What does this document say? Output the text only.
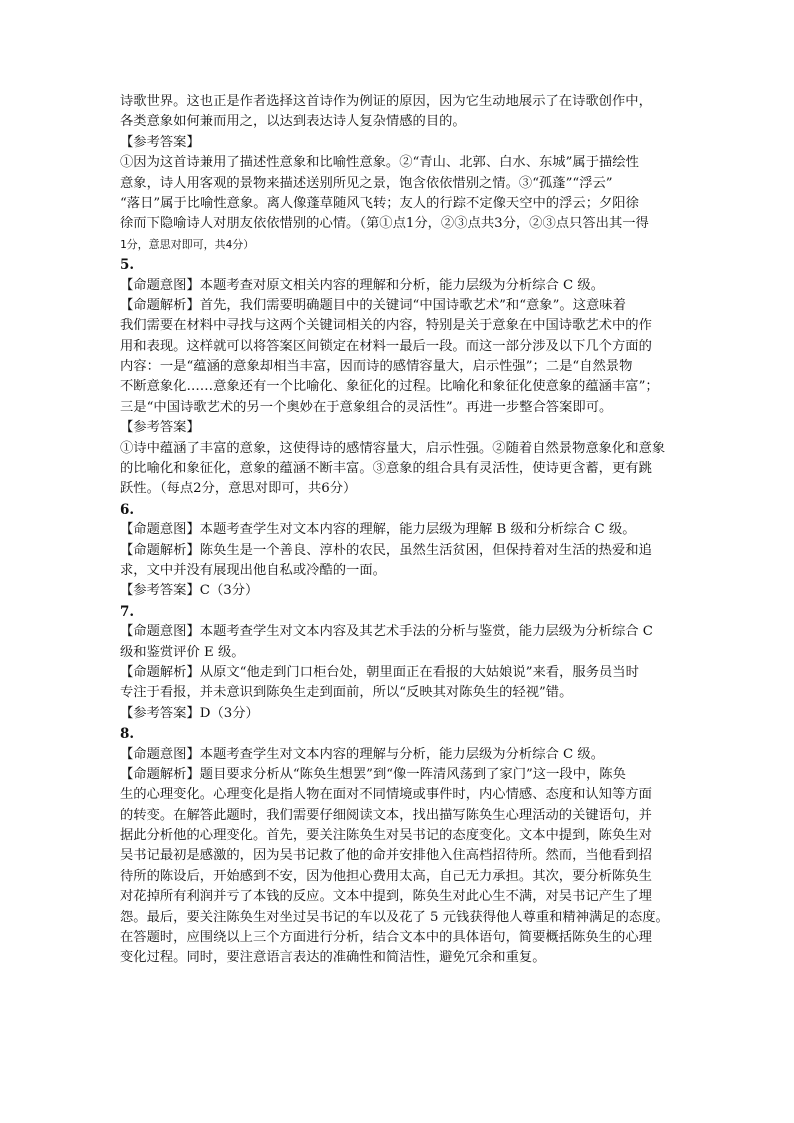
诗歌世界。这也正是作者选择这首诗作为例证的原因，因为它生动地展示了在诗歌创作中，
各类意象如何兼而用之，以达到表达诗人复杂情感的目的。
【参考答案】
①因为这首诗兼用了描述性意象和比喻性意象。②“青山、北郭、白水、东城”属于描绘性
意象，诗人用客观的景物来描述送别所见之景，饱含依依惜别之情。③“孤蓬”“浮云”
“落日”属于比喻性意象。离人像蓬草随风飞转；友人的行踪不定像天空中的浮云；夕阳徐
徐而下隐喻诗人对朋友依依惜别的心情。（第①点1分，②③点共3分，②③点只答出其一得
1分，意思对即可，共4分）
5.
【命题意图】本题考查对原文相关内容的理解和分析，能力层级为分析综合 C 级。
【命题解析】首先，我们需要明确题目中的关键词“中国诗歌艺术”和“意象”。这意味着
我们需要在材料中寻找与这两个关键词相关的内容，特别是关于意象在中国诗歌艺术中的作
用和表现。这样就可以将答案区间锁定在材料一最后一段。而这一部分涉及以下几个方面的
内容：一是“蕴涵的意象却相当丰富，因而诗的感情容量大，启示性强”；二是“自然景物
不断意象化……意象还有一个比喻化、象征化的过程。比喻化和象征化使意象的蕴涵丰富”；
三是“中国诗歌艺术的另一个奥妙在于意象组合的灵活性”。再进一步整合答案即可。
【参考答案】
①诗中蕴涵了丰富的意象，这使得诗的感情容量大，启示性强。②随着自然景物意象化和意象
的比喻化和象征化，意象的蕴涵不断丰富。③意象的组合具有灵活性，使诗更含蓄，更有跳
跃性。（每点2分，意思对即可，共6分）
6.
【命题意图】本题考查学生对文本内容的理解，能力层级为理解 B 级和分析综合 C 级。
【命题解析】陈奂生是一个善良、淳朴的农民，虽然生活贫困，但保持着对生活的热爱和追
求，文中并没有展现出他自私或冷酷的一面。
【参考答案】C（3分）
7.
【命题意图】本题考查学生对文本内容及其艺术手法的分析与鉴赏，能力层级为分析综合 C
级和鉴赏评价 E 级。
【命题解析】从原文“他走到门口柜台处，朝里面正在看报的大姑娘说”来看，服务员当时
专注于看报，并未意识到陈奂生走到面前，所以“反映其对陈奂生的轻视”错。
【参考答案】D（3分）
8.
【命题意图】本题考查学生对文本内容的理解与分析，能力层级为分析综合 C 级。
【命题解析】题目要求分析从“陈奂生想罢”到“像一阵清风荡到了家门”这一段中，陈奂
生的心理变化。心理变化是指人物在面对不同情境或事件时，内心情感、态度和认知等方面
的转变。在解答此题时，我们需要仔细阅读文本，找出描写陈奂生心理活动的关键语句，并
据此分析他的心理变化。首先，要关注陈奂生对吴书记的态度变化。文本中提到，陈奂生对
吴书记最初是感激的，因为吴书记救了他的命并安排他入住高档招待所。然而，当他看到招
待所的陈设后，开始感到不安，因为他担心费用太高，自己无力承担。其次，要分析陈奂生
对花掉所有利润并亏了本钱的反应。文本中提到，陈奂生对此心生不满，对吴书记产生了埋
怨。最后，要关注陈奂生对坐过吴书记的车以及花了 5 元钱获得他人尊重和精神满足的态度。
在答题时，应围绕以上三个方面进行分析，结合文本中的具体语句，简要概括陈奂生的心理
变化过程。同时，要注意语言表达的准确性和简洁性，避免冗余和重复。
